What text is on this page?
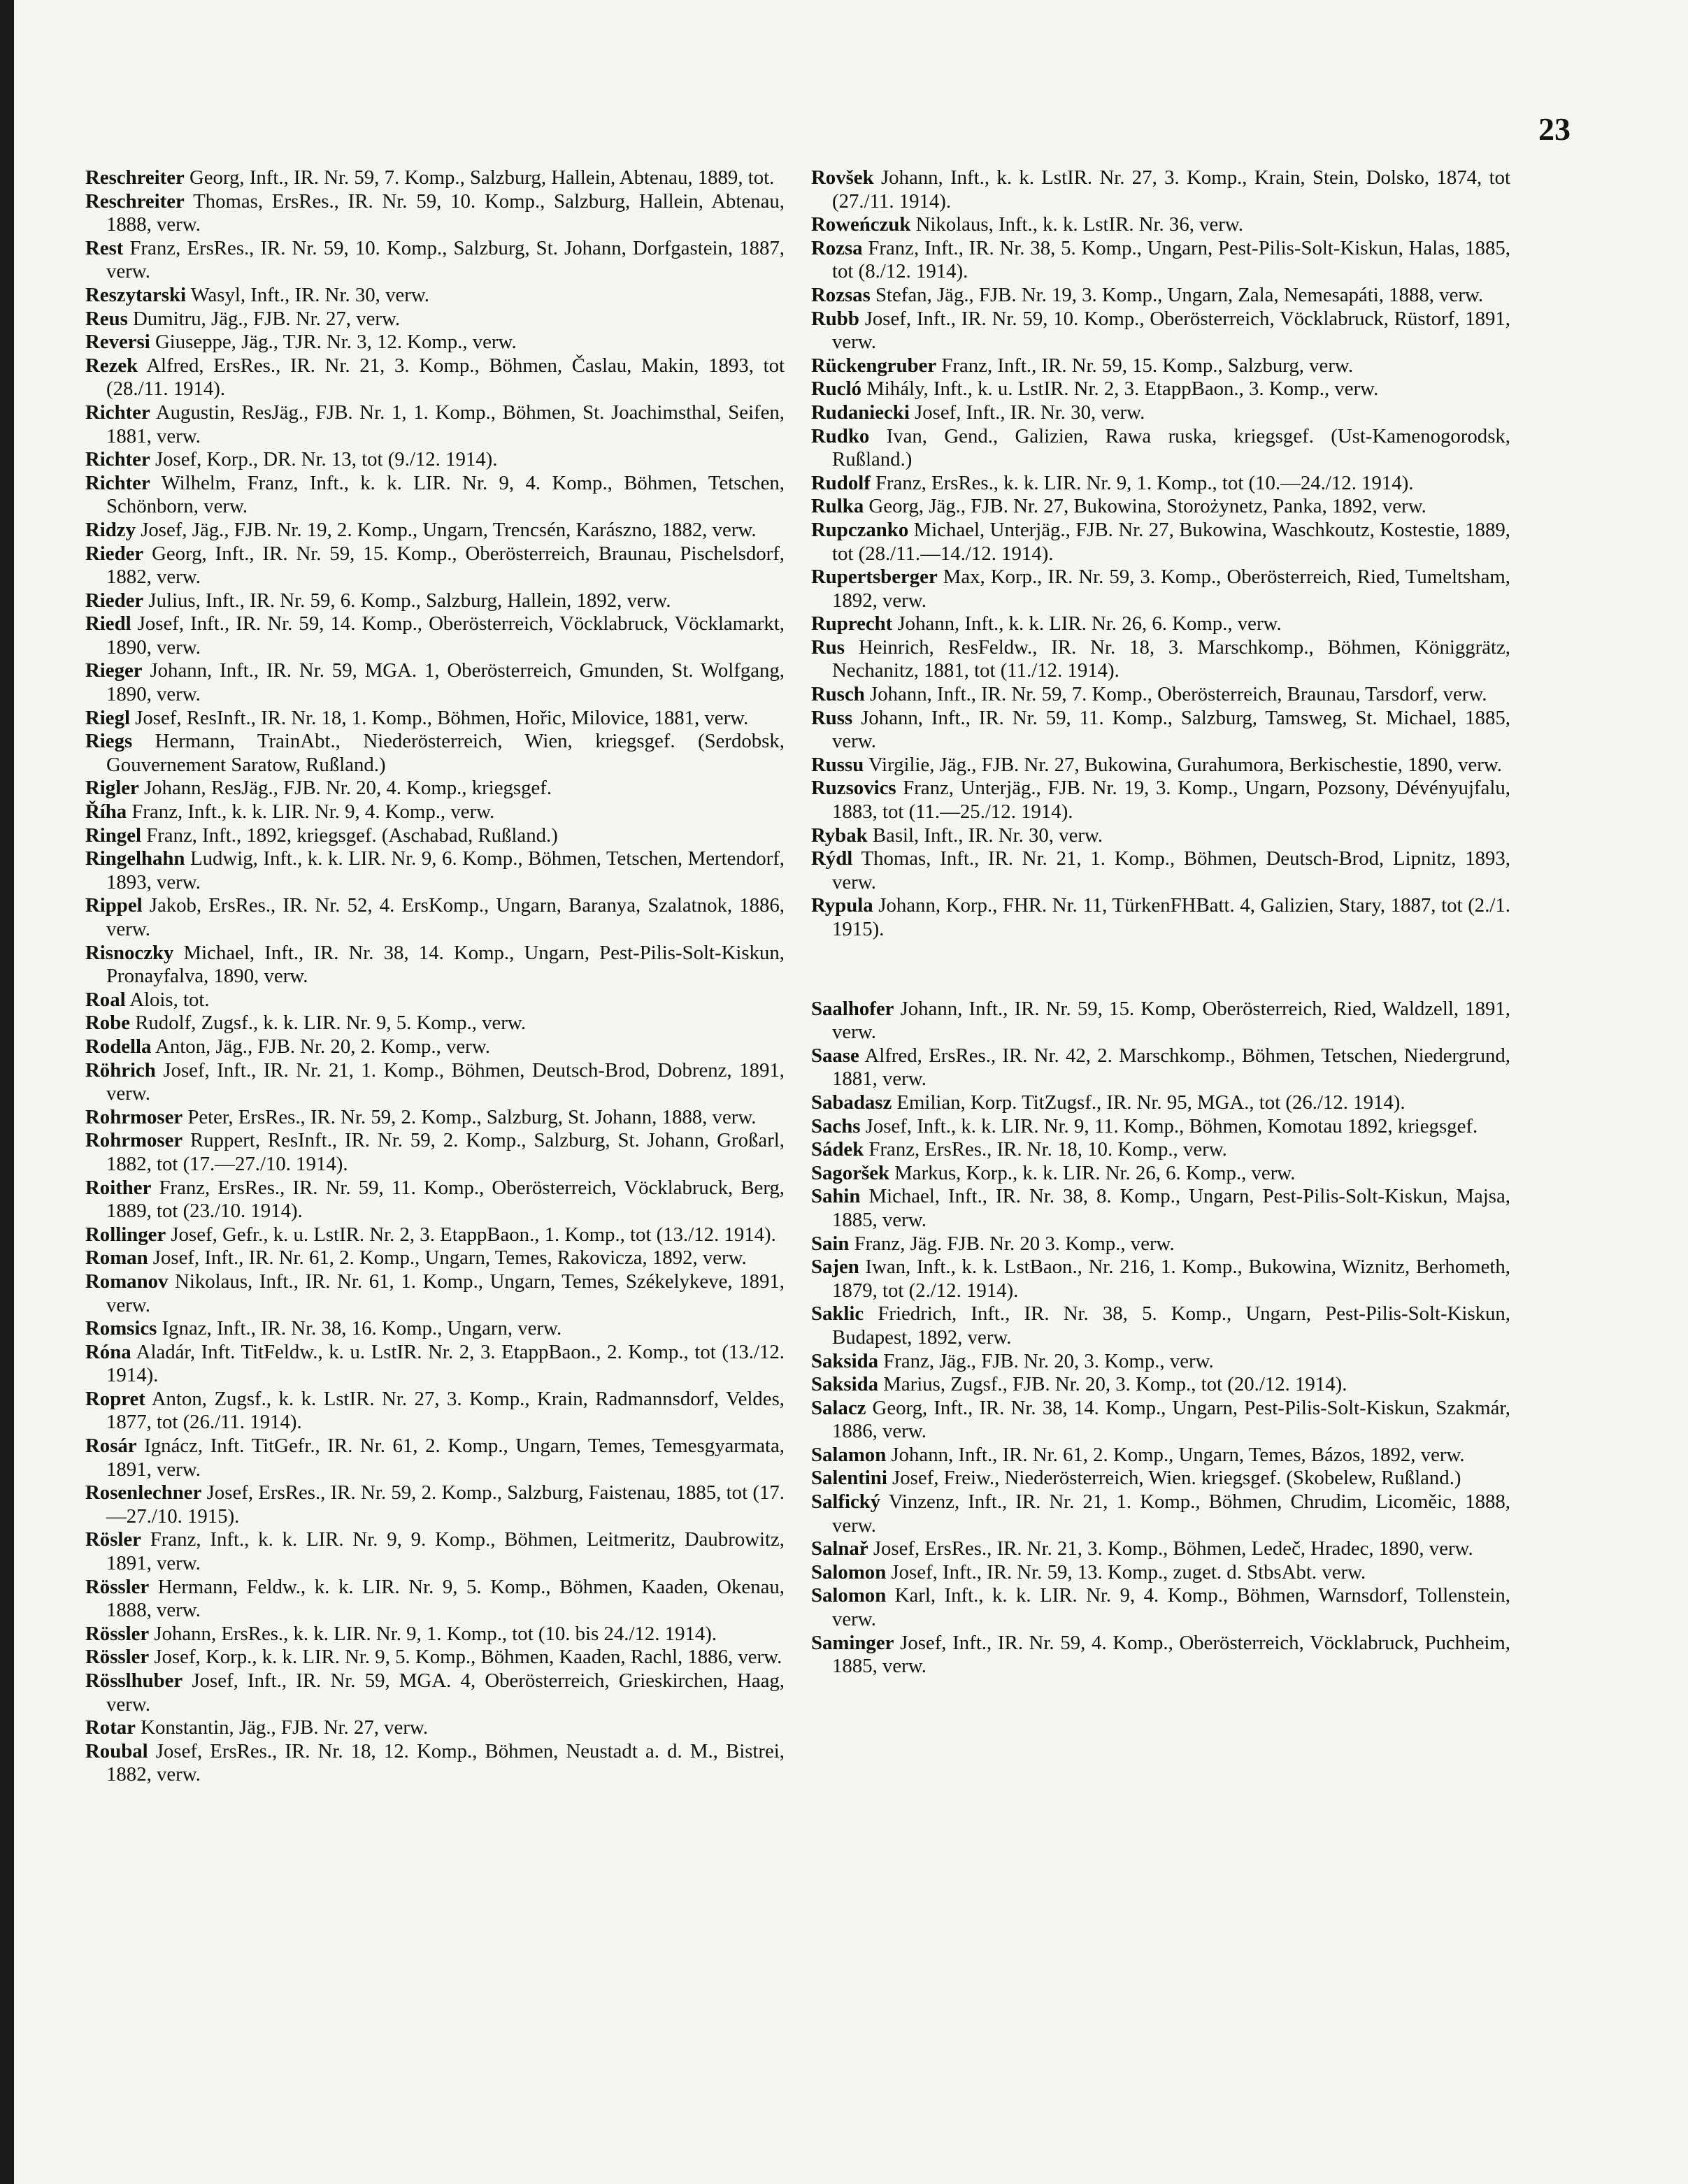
23
Reschreiter Georg, Inft., IR. Nr. 59, 7. Komp., Salzburg, Hallein, Abtenau, 1889, tot.
Reschreiter Thomas, ErsRes., IR. Nr. 59, 10. Komp., Salzburg, Hallein, Abtenau, 1888, verw.
Rest Franz, ErsRes., IR. Nr. 59, 10. Komp., Salzburg, St. Johann, Dorfgastein, 1887, verw.
Reszytarski Wasyl, Inft., IR. Nr. 30, verw.
Reus Dumitru, Jäg., FJB. Nr. 27, verw.
Reversi Giuseppe, Jäg., TJR. Nr. 3, 12. Komp., verw.
Rezek Alfred, ErsRes., IR. Nr. 21, 3. Komp., Böhmen, Časlau, Makin, 1893, tot (28./11. 1914).
Richter Augustin, ResJäg., FJB. Nr. 1, 1. Komp., Böhmen, St. Joachimsthal, Seifen, 1881, verw.
Richter Josef, Korp., DR. Nr. 13, tot (9./12. 1914).
Richter Wilhelm, Franz, Inft., k. k. LIR. Nr. 9, 4. Komp., Böhmen, Tetschen, Schönborn, verw.
Ridzy Josef, Jäg., FJB. Nr. 19, 2. Komp., Ungarn, Trencsén, Karászno, 1882, verw.
Rieder Georg, Inft., IR. Nr. 59, 15. Komp., Oberösterreich, Braunau, Pischelsdorf, 1882, verw.
Rieder Julius, Inft., IR. Nr. 59, 6. Komp., Salzburg, Hallein, 1892, verw.
Riedl Josef, Inft., IR. Nr. 59, 14. Komp., Oberösterreich, Vöcklabruck, Vöcklamarkt, 1890, verw.
Rieger Johann, Inft., IR. Nr. 59, MGA. 1, Oberösterreich, Gmunden, St. Wolfgang, 1890, verw.
Riegl Josef, ResInft., IR. Nr. 18, 1. Komp., Böhmen, Hořic, Milovice, 1881, verw.
Riegs Hermann, TrainAbt., Niederösterreich, Wien, kriegsgef. (Serdobsk, Gouvernement Saratow, Rußland.)
Rigler Johann, ResJäg., FJB. Nr. 20, 4. Komp., kriegsgef.
Říha Franz, Inft., k. k. LIR. Nr. 9, 4. Komp., verw.
Ringel Franz, Inft., 1892, kriegsgef. (Aschabad, Rußland.)
Ringelhahn Ludwig, Inft., k. k. LIR. Nr. 9, 6. Komp., Böhmen, Tetschen, Mertendorf, 1893, verw.
Rippel Jakob, ErsRes., IR. Nr. 52, 4. ErsKomp., Ungarn, Baranya, Szalatnok, 1886, verw.
Risnoczky Michael, Inft., IR. Nr. 38, 14. Komp., Ungarn, Pest-Pilis-Solt-Kiskun, Pronayfalva, 1890, verw.
Roal Alois, tot.
Robe Rudolf, Zugsf., k. k. LIR. Nr. 9, 5. Komp., verw.
Rodella Anton, Jäg., FJB. Nr. 20, 2. Komp., verw.
Röhrich Josef, Inft., IR. Nr. 21, 1. Komp., Böhmen, Deutsch-Brod, Dobrenz, 1891, verw.
Rohrmoser Peter, ErsRes., IR. Nr. 59, 2. Komp., Salzburg, St. Johann, 1888, verw.
Rohrmoser Ruppert, ResInft., IR. Nr. 59, 2. Komp., Salzburg, St. Johann, Großarl, 1882, tot (17.—27./10. 1914).
Roither Franz, ErsRes., IR. Nr. 59, 11. Komp., Oberösterreich, Vöcklabruck, Berg, 1889, tot (23./10. 1914).
Rollinger Josef, Gefr., k. u. LstIR. Nr. 2, 3. EtappBaon., 1. Komp., tot (13./12. 1914).
Roman Josef, Inft., IR. Nr. 61, 2. Komp., Ungarn, Temes, Rakovicza, 1892, verw.
Romanov Nikolaus, Inft., IR. Nr. 61, 1. Komp., Ungarn, Temes, Székelykeve, 1891, verw.
Romsics Ignaz, Inft., IR. Nr. 38, 16. Komp., Ungarn, verw.
Róna Aladár, Inft. TitFeldw., k. u. LstIR. Nr. 2, 3. EtappBaon., 2. Komp., tot (13./12. 1914).
Ropret Anton, Zugsf., k. k. LstIR. Nr. 27, 3. Komp., Krain, Radmannsdorf, Veldes, 1877, tot (26./11. 1914).
Rosár Ignácz, Inft. TitGefr., IR. Nr. 61, 2. Komp., Ungarn, Temes, Temesgyarmata, 1891, verw.
Rosenlechner Josef, ErsRes., IR. Nr. 59, 2. Komp., Salzburg, Faistenau, 1885, tot (17.—27./10. 1915).
Rösler Franz, Inft., k. k. LIR. Nr. 9, 9. Komp., Böhmen, Leitmeritz, Daubrowitz, 1891, verw.
Rössler Hermann, Feldw., k. k. LIR. Nr. 9, 5. Komp., Böhmen, Kaaden, Okenau, 1888, verw.
Rössler Johann, ErsRes., k. k. LIR. Nr. 9, 1. Komp., tot (10. bis 24./12. 1914).
Rössler Josef, Korp., k. k. LIR. Nr. 9, 5. Komp., Böhmen, Kaaden, Rachl, 1886, verw.
Rösslhuber Josef, Inft., IR. Nr. 59, MGA. 4, Oberösterreich, Grieskirchen, Haag, verw.
Rotar Konstantin, Jäg., FJB. Nr. 27, verw.
Roubal Josef, ErsRes., IR. Nr. 18, 12. Komp., Böhmen, Neustadt a. d. M., Bistrei, 1882, verw.
Rovšek Johann, Inft., k. k. LstIR. Nr. 27, 3. Komp., Krain, Stein, Dolsko, 1874, tot (27./11. 1914).
Roweńczuk Nikolaus, Inft., k. k. LstIR. Nr. 36, verw.
Rozsa Franz, Inft., IR. Nr. 38, 5. Komp., Ungarn, Pest-Pilis-Solt-Kiskun, Halas, 1885, tot (8./12. 1914).
Rozsas Stefan, Jäg., FJB. Nr. 19, 3. Komp., Ungarn, Zala, Nemesapáti, 1888, verw.
Rubb Josef, Inft., IR. Nr. 59, 10. Komp., Oberösterreich, Vöcklabruck, Rüstorf, 1891, verw.
Rückengruber Franz, Inft., IR. Nr. 59, 15. Komp., Salzburg, verw.
Rucló Mihály, Inft., k. u. LstIR. Nr. 2, 3. EtappBaon., 3. Komp., verw.
Rudaniecki Josef, Inft., IR. Nr. 30, verw.
Rudko Ivan, Gend., Galizien, Rawa ruska, kriegsgef. (Ust-Kamenogorodsk, Rußland.)
Rudolf Franz, ErsRes., k. k. LIR. Nr. 9, 1. Komp., tot (10.—24./12. 1914).
Rulka Georg, Jäg., FJB. Nr. 27, Bukowina, Storożynetz, Panka, 1892, verw.
Rupczanko Michael, Unterjäg., FJB. Nr. 27, Bukowina, Waschkoutz, Kostestie, 1889, tot (28./11.—14./12. 1914).
Rupertsberger Max, Korp., IR. Nr. 59, 3. Komp., Oberösterreich, Ried, Tumeltsham, 1892, verw.
Ruprecht Johann, Inft., k. k. LIR. Nr. 26, 6. Komp., verw.
Rus Heinrich, ResFeldw., IR. Nr. 18, 3. Marschkomp., Böhmen, Königgrätz, Nechanitz, 1881, tot (11./12. 1914).
Rusch Johann, Inft., IR. Nr. 59, 7. Komp., Oberösterreich, Braunau, Tarsdorf, verw.
Russ Johann, Inft., IR. Nr. 59, 11. Komp., Salzburg, Tamsweg, St. Michael, 1885, verw.
Russu Virgilie, Jäg., FJB. Nr. 27, Bukowina, Gurahumora, Berkischestie, 1890, verw.
Ruzsovics Franz, Unterjäg., FJB. Nr. 19, 3. Komp., Ungarn, Pozsony, Dévényujfalu, 1883, tot (11.—25./12. 1914).
Rybak Basil, Inft., IR. Nr. 30, verw.
Rýdl Thomas, Inft., IR. Nr. 21, 1. Komp., Böhmen, Deutsch-Brod, Lipnitz, 1893, verw.
Rypula Johann, Korp., FHR. Nr. 11, TürkenFHBatt. 4, Galizien, Stary, 1887, tot (2./1. 1915).
Saalhofer Johann, Inft., IR. Nr. 59, 15. Komp, Oberösterreich, Ried, Waldzell, 1891, verw.
Saase Alfred, ErsRes., IR. Nr. 42, 2. Marschkomp., Böhmen, Tetschen, Niedergrund, 1881, verw.
Sabadasz Emilian, Korp. TitZugsf., IR. Nr. 95, MGA., tot (26./12. 1914).
Sachs Josef, Inft., k. k. LIR. Nr. 9, 11. Komp., Böhmen, Komotau 1892, kriegsgef.
Sádek Franz, ErsRes., IR. Nr. 18, 10. Komp., verw.
Sagoršek Markus, Korp., k. k. LIR. Nr. 26, 6. Komp., verw.
Sahin Michael, Inft., IR. Nr. 38, 8. Komp., Ungarn, Pest-Pilis-Solt-Kiskun, Majsa, 1885, verw.
Sain Franz, Jäg. FJB. Nr. 20 3. Komp., verw.
Sajen Iwan, Inft., k. k. LstBaon., Nr. 216, 1. Komp., Bukowina, Wiznitz, Berhometh, 1879, tot (2./12. 1914).
Saklic Friedrich, Inft., IR. Nr. 38, 5. Komp., Ungarn, Pest-Pilis-Solt-Kiskun, Budapest, 1892, verw.
Saksida Franz, Jäg., FJB. Nr. 20, 3. Komp., verw.
Saksida Marius, Zugsf., FJB. Nr. 20, 3. Komp., tot (20./12. 1914).
Salacz Georg, Inft., IR. Nr. 38, 14. Komp., Ungarn, Pest-Pilis-Solt-Kiskun, Szakmár, 1886, verw.
Salamon Johann, Inft., IR. Nr. 61, 2. Komp., Ungarn, Temes, Bázos, 1892, verw.
Salentini Josef, Freiw., Niederösterreich, Wien. kriegsgef. (Skobelew, Rußland.)
Salfický Vinzenz, Inft., IR. Nr. 21, 1. Komp., Böhmen, Chrudim, Licoměic, 1888, verw.
Salnař Josef, ErsRes., IR. Nr. 21, 3. Komp., Böhmen, Ledeč, Hradec, 1890, verw.
Salomon Josef, Inft., IR. Nr. 59, 13. Komp., zuget. d. StbsAbt. verw.
Salomon Karl, Inft., k. k. LIR. Nr. 9, 4. Komp., Böhmen, Warnsdorf, Tollenstein, verw.
Saminger Josef, Inft., IR. Nr. 59, 4. Komp., Oberösterreich, Vöcklabruck, Puchheim, 1885, verw.
